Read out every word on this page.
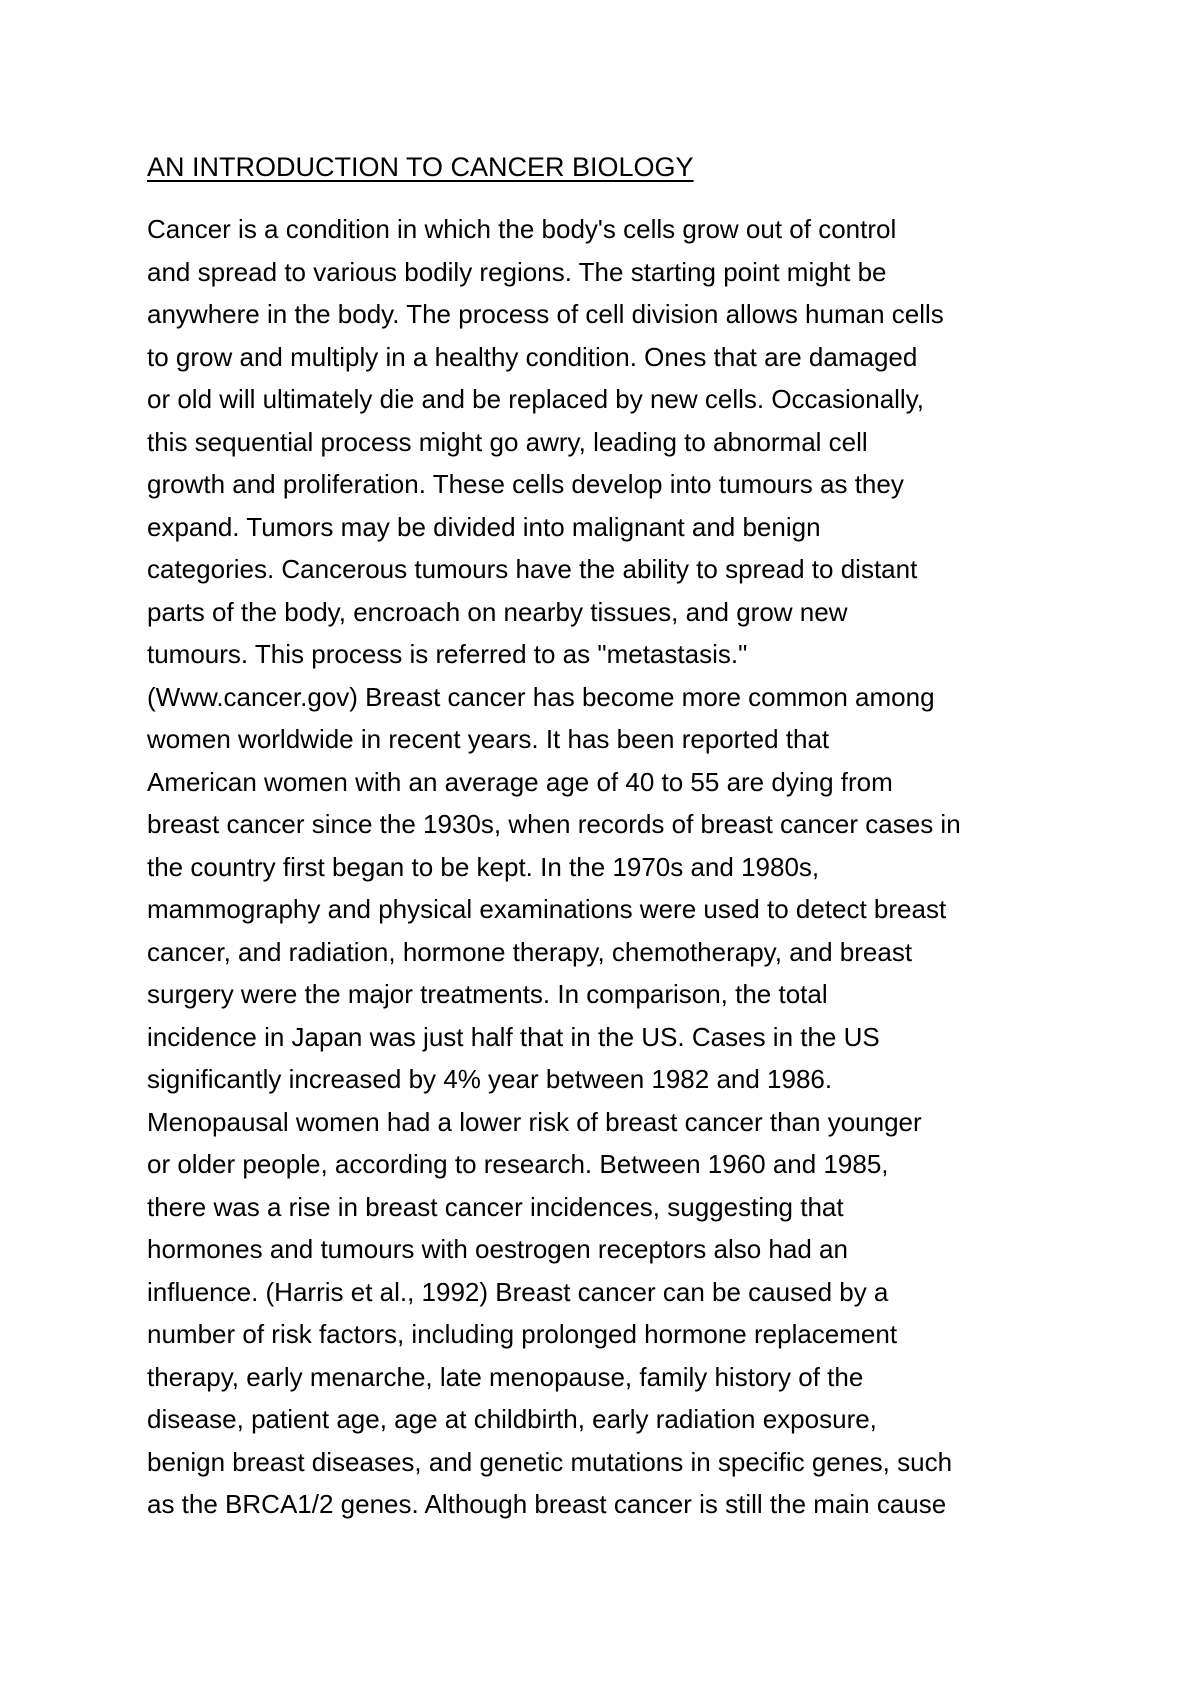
AN INTRODUCTION TO CANCER BIOLOGY
Cancer is a condition in which the body's cells grow out of control
and spread to various bodily regions. The starting point might be
anywhere in the body. The process of cell division allows human cells
to grow and multiply in a healthy condition. Ones that are damaged
or old will ultimately die and be replaced by new cells. Occasionally,
this sequential process might go awry, leading to abnormal cell
growth and proliferation. These cells develop into tumours as they
expand. Tumors may be divided into malignant and benign
categories. Cancerous tumours have the ability to spread to distant
parts of the body, encroach on nearby tissues, and grow new
tumours. This process is referred to as "metastasis."
(Www.cancer.gov) Breast cancer has become more common among
women worldwide in recent years. It has been reported that
American women with an average age of 40 to 55 are dying from
breast cancer since the 1930s, when records of breast cancer cases in
the country first began to be kept. In the 1970s and 1980s,
mammography and physical examinations were used to detect breast
cancer, and radiation, hormone therapy, chemotherapy, and breast
surgery were the major treatments. In comparison, the total
incidence in Japan was just half that in the US. Cases in the US
significantly increased by 4% year between 1982 and 1986.
Menopausal women had a lower risk of breast cancer than younger
or older people, according to research. Between 1960 and 1985,
there was a rise in breast cancer incidences, suggesting that
hormones and tumours with oestrogen receptors also had an
influence. (Harris et al., 1992) Breast cancer can be caused by a
number of risk factors, including prolonged hormone replacement
therapy, early menarche, late menopause, family history of the
disease, patient age, age at childbirth, early radiation exposure,
benign breast diseases, and genetic mutations in specific genes, such
as the BRCA1/2 genes. Although breast cancer is still the main cause
